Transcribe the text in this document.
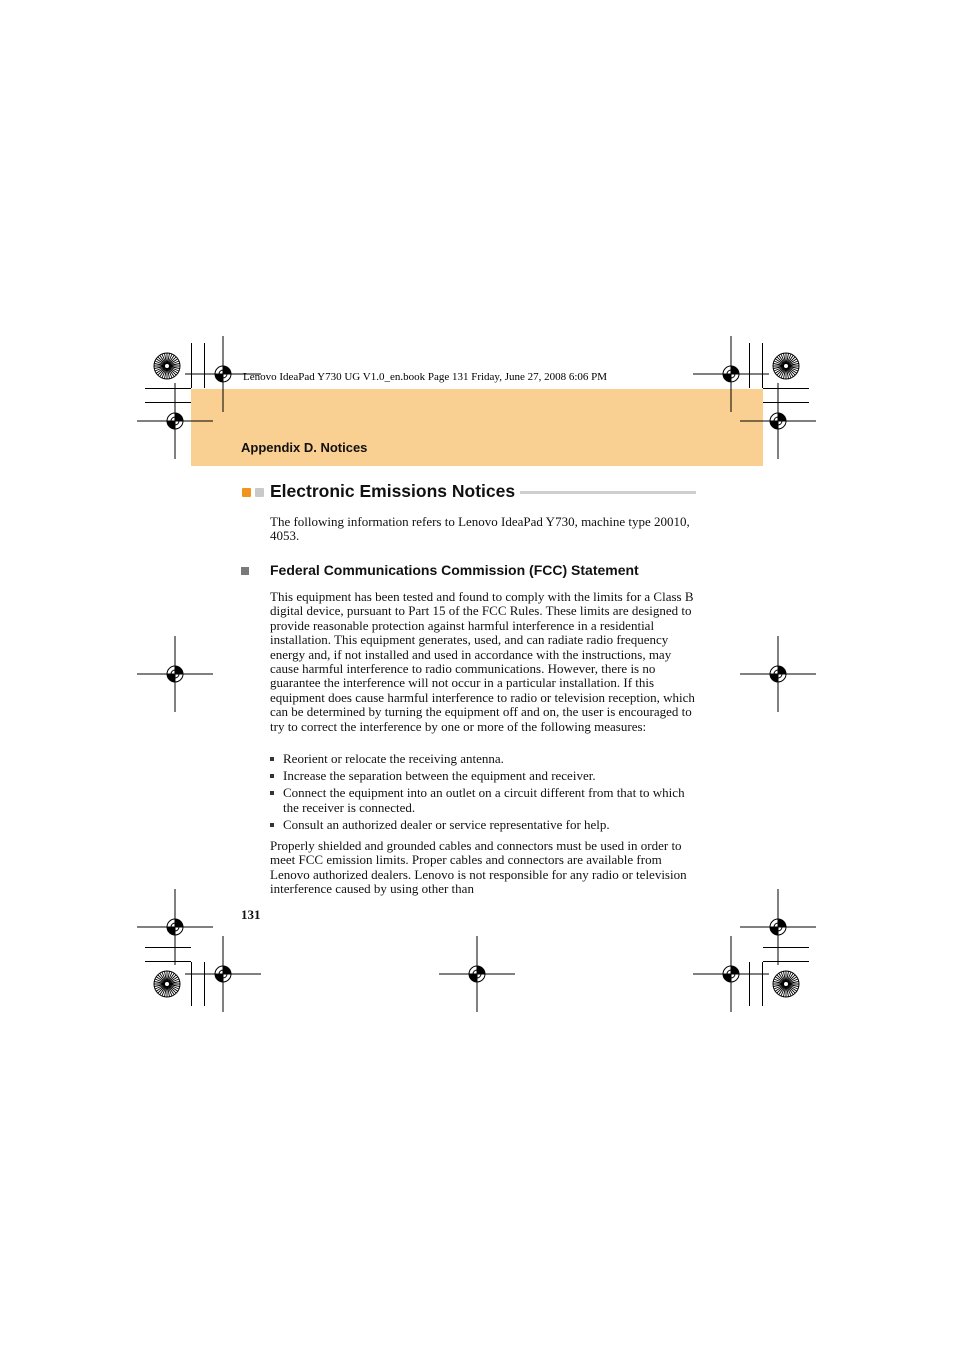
Lenovo IdeaPad Y730 UG V1.0_en.book Page 131 Friday, June 27, 2008 6:06 PM
Appendix D. Notices
Electronic Emissions Notices

The following information refers to Lenovo IdeaPad Y730, machine type 20010, 4053.

Federal Communications Commission (FCC) Statement

This equipment has been tested and found to comply with the limits for a Class B digital device, pursuant to Part 15 of the FCC Rules. These limits are designed to provide reasonable protection against harmful interference in a residential installation. This equipment generates, used, and can radiate radio frequency energy and, if not installed and used in accordance with the instructions, may cause harmful interference to radio communications. However, there is no guarantee the interference will not occur in a particular installation. If this equipment does cause harmful interference to radio or television reception, which can be determined by turning the equipment off and on, the user is encouraged to try to correct the interference by one or more of the following measures:

Reorient or relocate the receiving antenna.
Increase the separation between the equipment and receiver.
Connect the equipment into an outlet on a circuit different from that to which the receiver is connected.
Consult an authorized dealer or service representative for help.

Properly shielded and grounded cables and connectors must be used in order to meet FCC emission limits. Proper cables and connectors are available from Lenovo authorized dealers. Lenovo is not responsible for any radio or television interference caused by using other than

131
